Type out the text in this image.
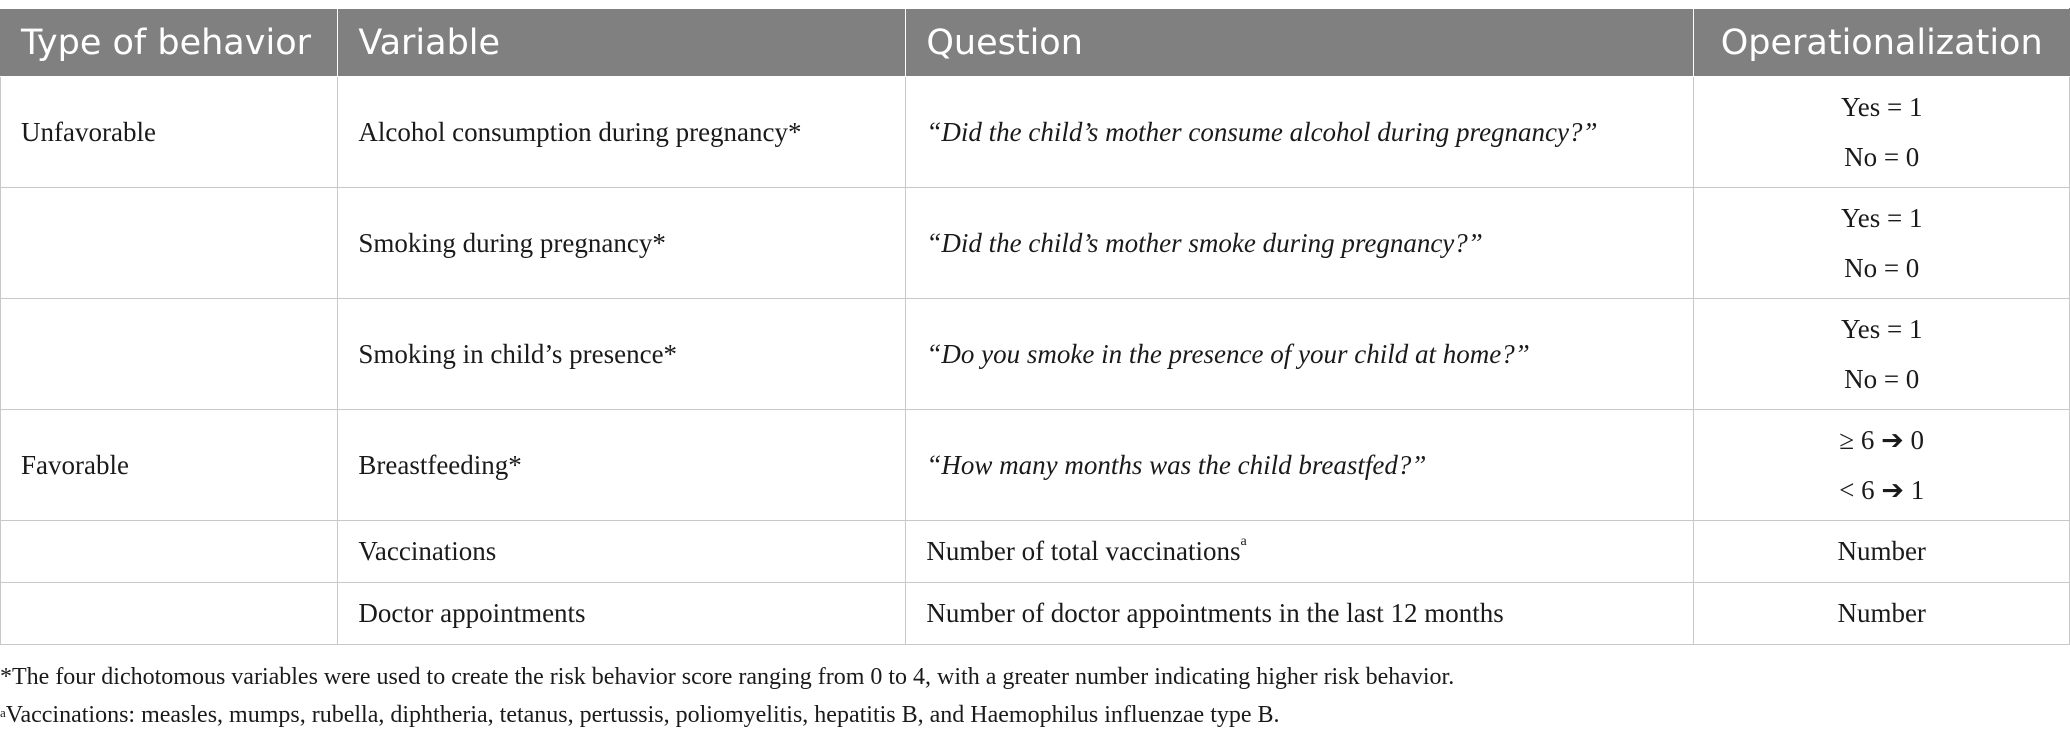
Type of behavior	Variable	Question	Operationalization
Unfavorable	Alcohol consumption during pregnancy*	“Did the child’s mother consume alcohol during pregnancy?”	Yes = 1
No = 0

	Smoking during pregnancy*	“Did the child’s mother smoke during pregnancy?”	Yes = 1
No = 0

	Smoking in child’s presence*	“Do you smoke in the presence of your child at home?”	Yes = 1
No = 0

Favorable	Breastfeeding*	“How many months was the child breastfed?”	≥ 6 ➔ 0
< 6 ➔ 1

	Vaccinations	Number of total vaccinations$^a$	Number

	Doctor appointments	Number of doctor appointments in the last 12 months	Number
*The four dichotomous variables were used to create the risk behavior score ranging from 0 to 4, with a greater number indicating higher risk behavior.
$^a$Vaccinations: measles, mumps, rubella, diphtheria, tetanus, pertussis, poliomyelitis, hepatitis B, and Haemophilus influenzae type B.
